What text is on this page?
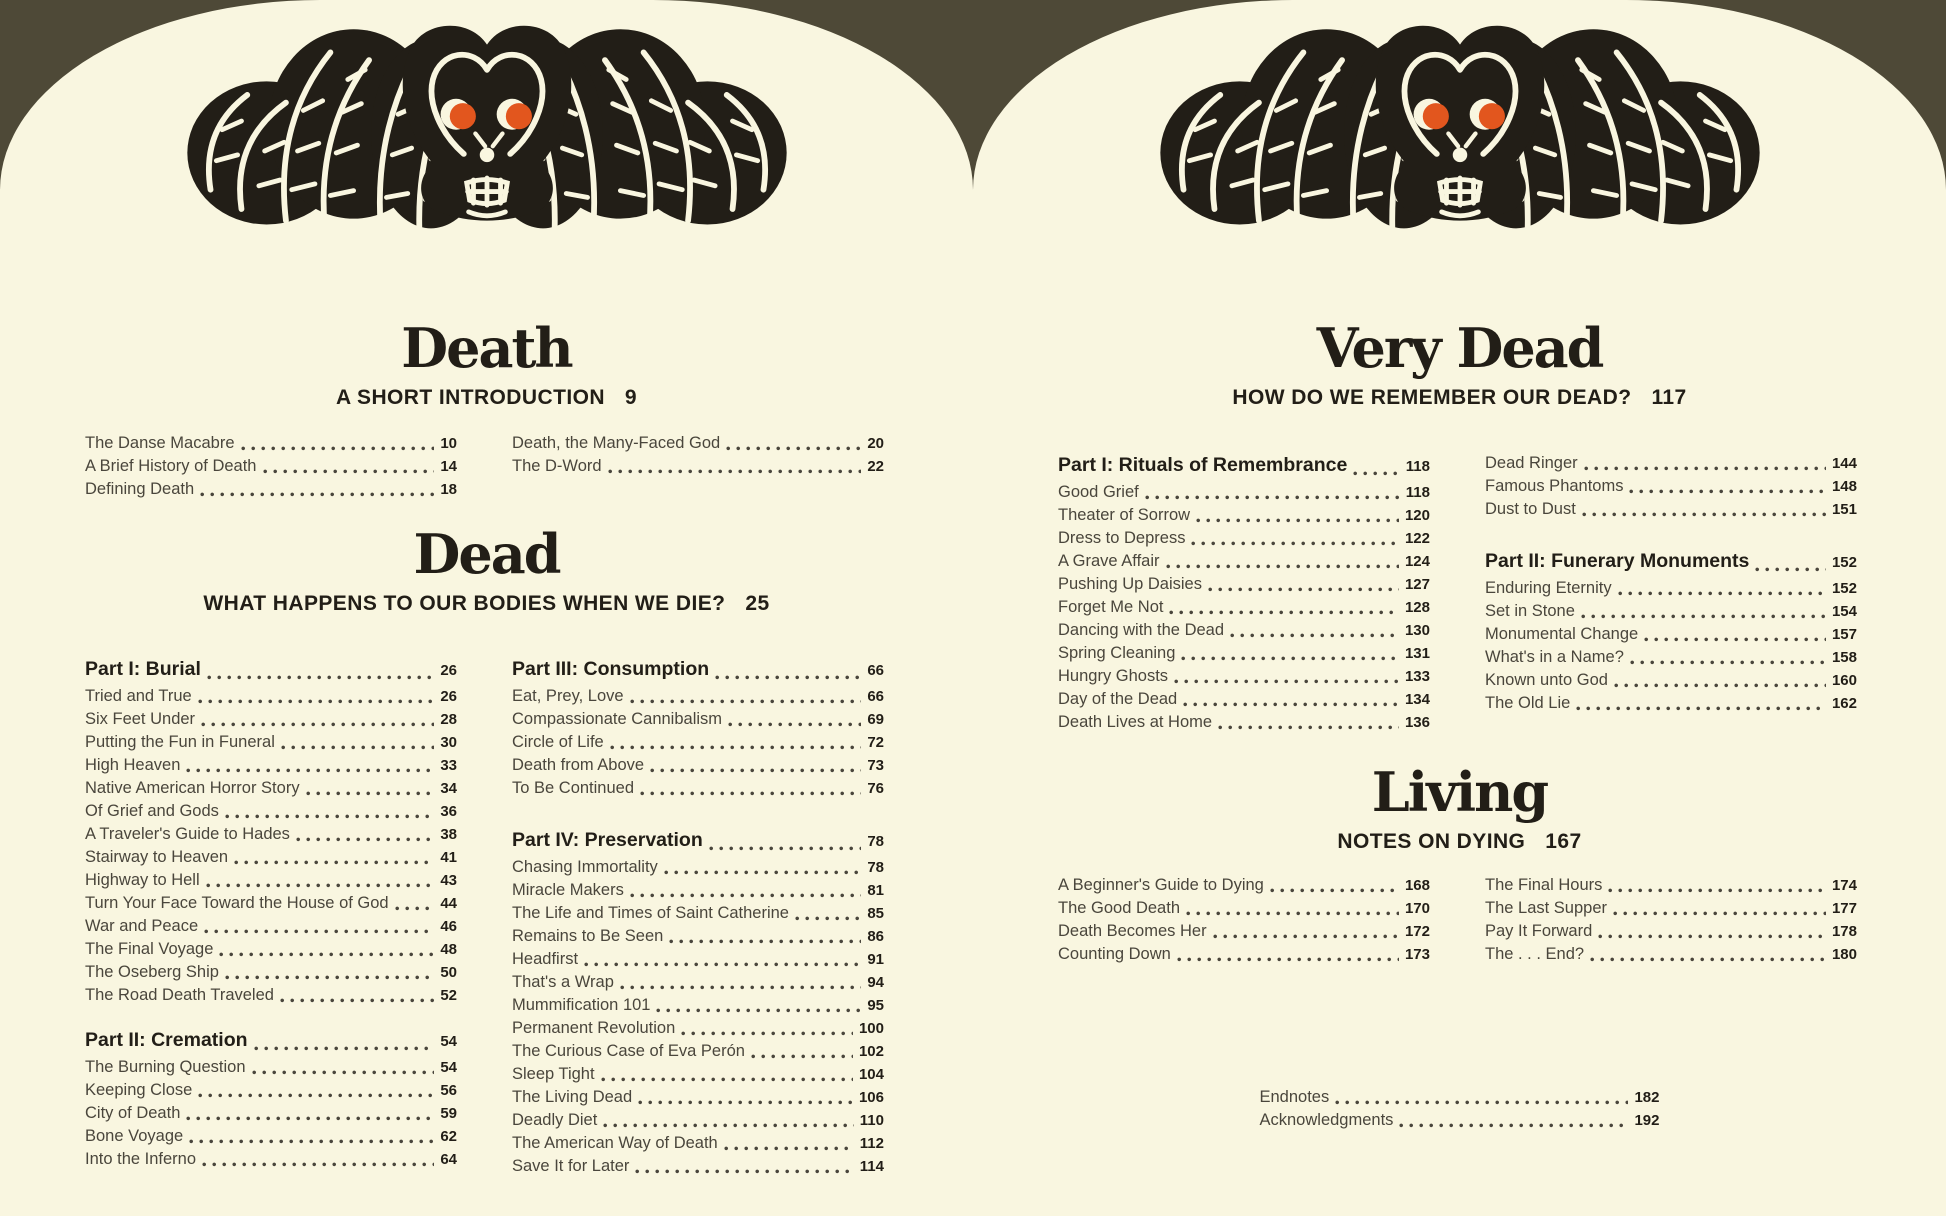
Death
A SHORT INTRODUCTION 9
The Danse Macabre	10
A Brief History of Death	14
Defining Death	18
Death, the Many-Faced God	20
The D-Word	22
Dead
WHAT HAPPENS TO OUR BODIES WHEN WE DIE? 25
Part I: Burial	26
Tried and True	26
Six Feet Under	28
Putting the Fun in Funeral	30
High Heaven	33
Native American Horror Story	34
Of Grief and Gods	36
A Traveler's Guide to Hades	38
Stairway to Heaven	41
Highway to Hell	43
Turn Your Face Toward the House of God	44
War and Peace	46
The Final Voyage	48
The Oseberg Ship	50
The Road Death Traveled	52
Part II: Cremation	54
The Burning Question	54
Keeping Close	56
City of Death	59
Bone Voyage	62
Into the Inferno	64
Part III: Consumption	66
Eat, Prey, Love	66
Compassionate Cannibalism	69
Circle of Life	72
Death from Above	73
To Be Continued	76
Part IV: Preservation	78
Chasing Immortality	78
Miracle Makers	81
The Life and Times of Saint Catherine	85
Remains to Be Seen	86
Headfirst	91
That's a Wrap	94
Mummification 101	95
Permanent Revolution	100
The Curious Case of Eva Perón	102
Sleep Tight	104
The Living Dead	106
Deadly Diet	110
The American Way of Death	112
Save It for Later	114
Very Dead
HOW DO WE REMEMBER OUR DEAD? 117
Part I: Rituals of Remembrance	118
Good Grief	118
Theater of Sorrow	120
Dress to Depress	122
A Grave Affair	124
Pushing Up Daisies	127
Forget Me Not	128
Dancing with the Dead	130
Spring Cleaning	131
Hungry Ghosts	133
Day of the Dead	134
Death Lives at Home	136
Dead Ringer	144
Famous Phantoms	148
Dust to Dust	151
Part II: Funerary Monuments	152
Enduring Eternity	152
Set in Stone	154
Monumental Change	157
What's in a Name?	158
Known unto God	160
The Old Lie	162
Living
NOTES ON DYING 167
A Beginner's Guide to Dying	168
The Good Death	170
Death Becomes Her	172
Counting Down	173
The Final Hours	174
The Last Supper	177
Pay It Forward	178
The . . . End?	180
Endnotes	182
Acknowledgments	192
